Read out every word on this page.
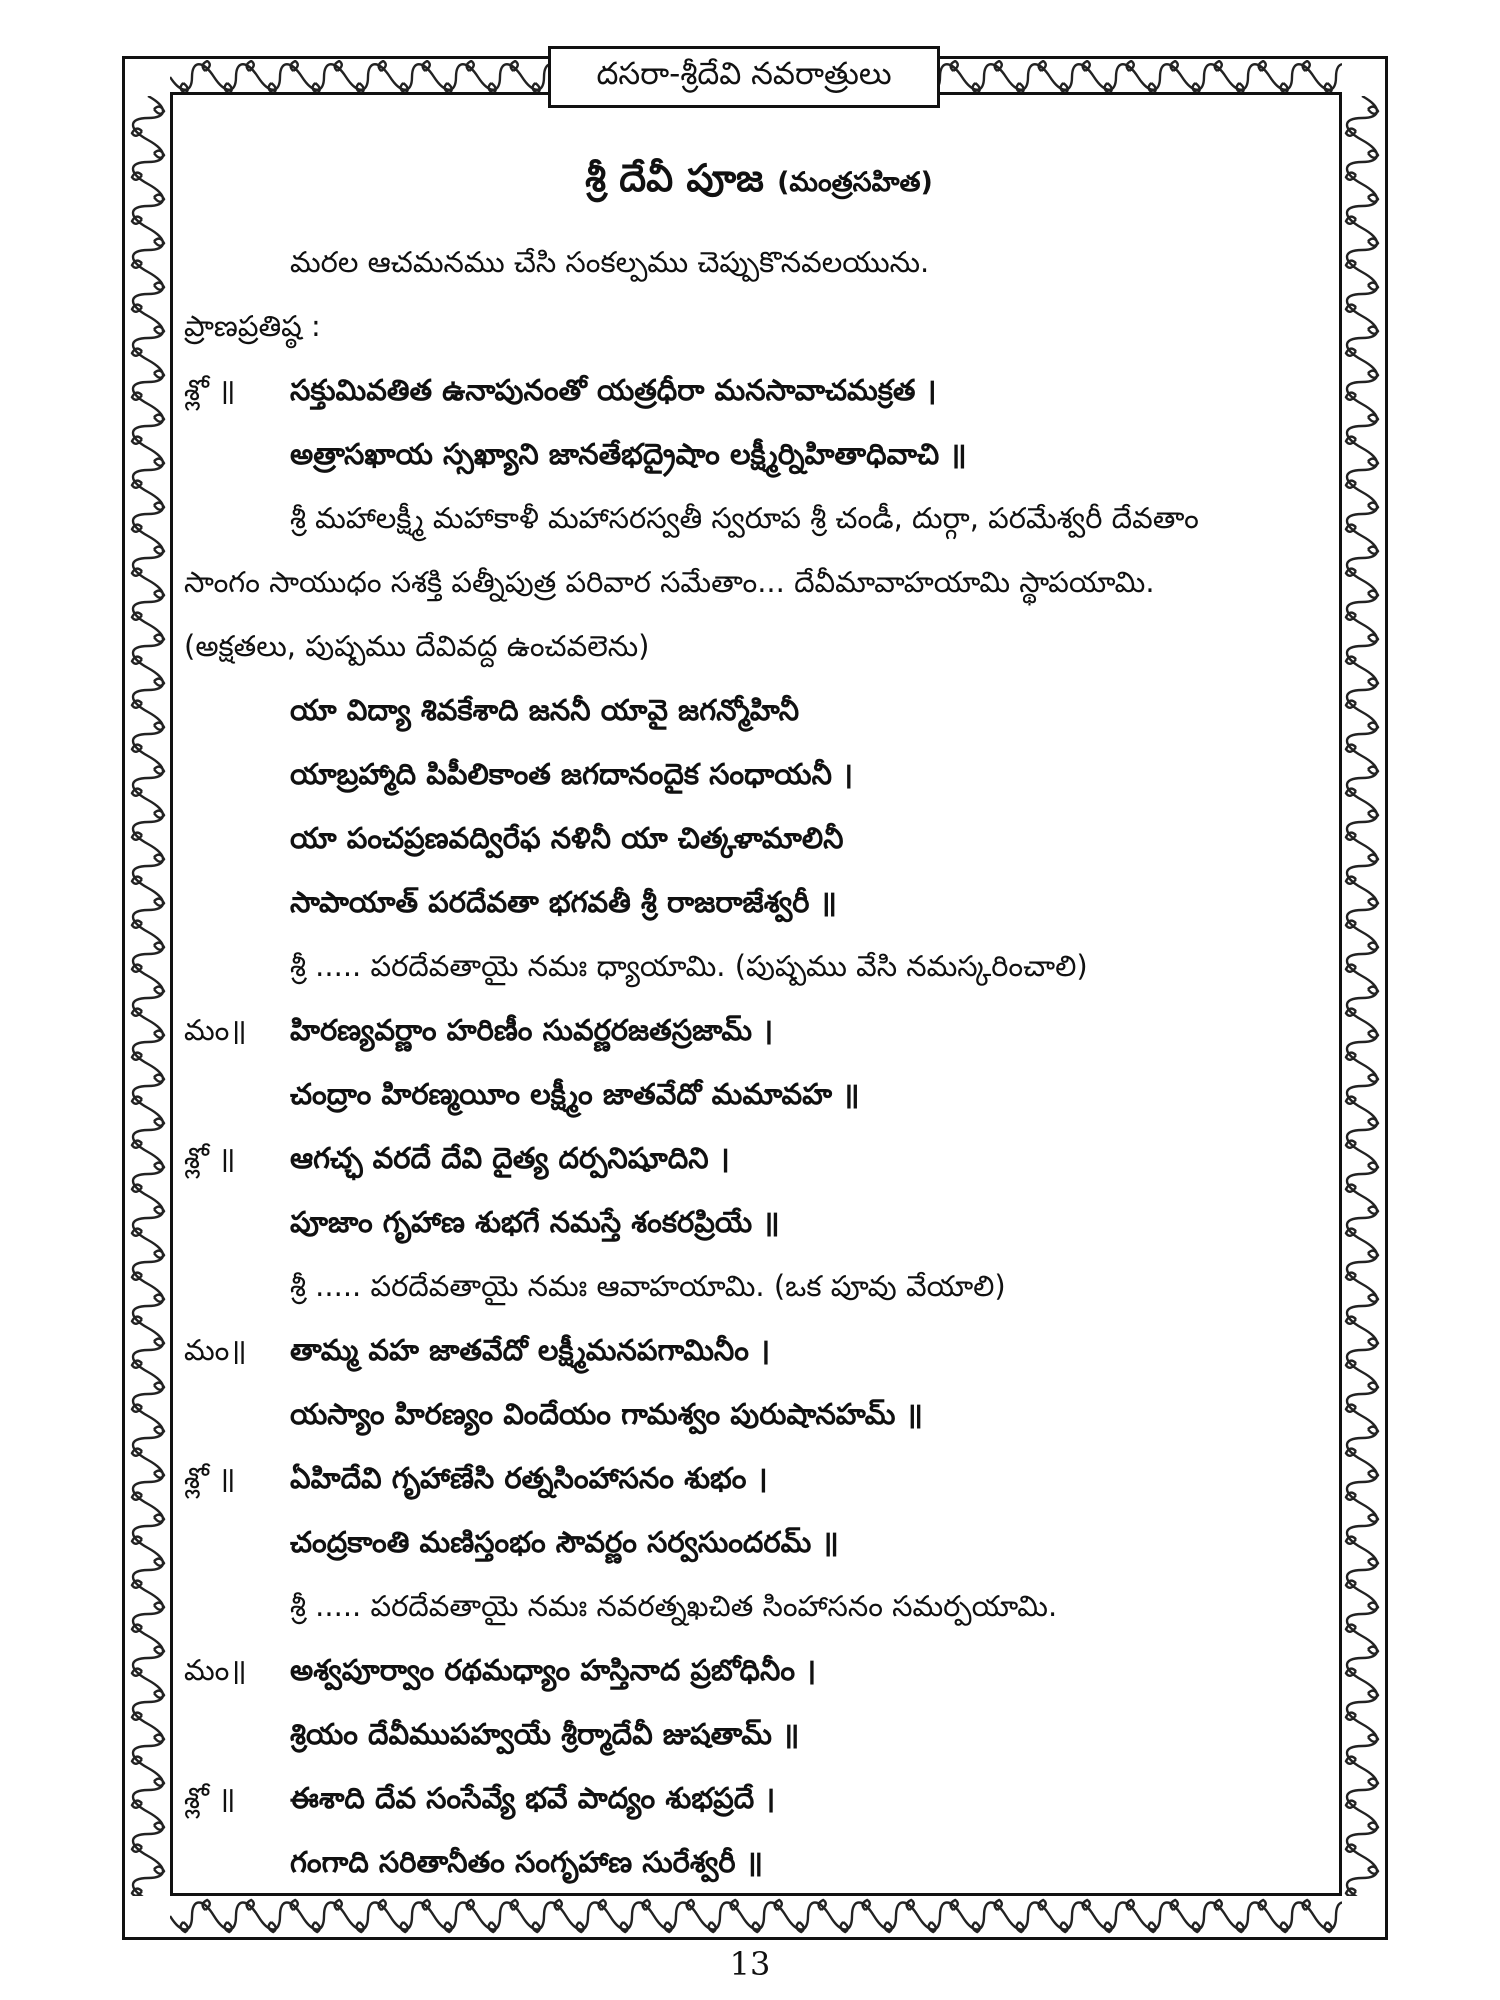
దసరా-శ్రీదేవి నవరాత్రులు
శ్రీ దేవీ పూజ (మంత్రసహిత)
మరల ఆచమనము చేసి సంకల్పము చెప్పుకొనవలయును.
ప్రాణప్రతిష్ఠ :
శ్లో ॥ సక్తుమివతిత ఉనాపునంతో యత్రధీరా మనసావాచమక్రత ।
అత్రాసఖాయ స్సఖ్యాని జానతేభద్రైషాం లక్ష్మీర్నిహితాధివాచి ॥
శ్రీ మహాలక్ష్మీ మహాకాళీ మహాసరస్వతీ స్వరూప శ్రీ చండీ, దుర్గా, పరమేశ్వరీ దేవతాం
సాంగం సాయుధం సశక్తి పత్నీపుత్ర పరివార సమేతాం... దేవీమావాహయామి స్థాపయామి.
(అక్షతలు, పుష్పము దేవివద్ద ఉంచవలెను)
యా విద్యా శివకేశాది జననీ యావై జగన్మోహినీ
యాబ్రహ్మాది పిపీలికాంత జగదానందైక సంధాయనీ ।
యా పంచప్రణవద్విరేఫ నళినీ యా చిత్కళామాలినీ
సాపాయాత్ పరదేవతా భగవతీ శ్రీ రాజరాజేశ్వరీ ॥
శ్రీ ..... పరదేవతాయై నమః ధ్యాయామి. (పుష్పము వేసి నమస్కరించాలి)
మం॥ హిరణ్యవర్ణాం హరిణీం సువర్ణరజతస్రజామ్ ।
చంద్రాం హిరణ్మయీం లక్ష్మీం జాతవేదో మమావహ ॥
శ్లో ॥ ఆగచ్ఛ వరదే దేవి దైత్య దర్పనిషూదిని ।
పూజాం గృహాణ శుభగే నమస్తే శంకరప్రియే ॥
శ్రీ ..... పరదేవతాయై నమః ఆవాహయామి. (ఒక పూవు వేయాలి)
మం॥ తామ్మ వహ జాతవేదో లక్ష్మీమనపగామినీం ।
యస్యాం హిరణ్యం విందేయం గామశ్వం పురుషానహమ్ ॥
శ్లో ॥ ఏహిదేవి గృహాణేసి రత్నసింహాసనం శుభం ।
చంద్రకాంతి మణిస్తంభం సౌవర్ణం సర్వసుందరమ్ ॥
శ్రీ ..... పరదేవతాయై నమః నవరత్నఖచిత సింహాసనం సమర్పయామి.
మం॥ అశ్వపూర్వాం రథమధ్యాం హస్తినాద ప్రబోధినీం ।
శ్రియం దేవీముపహ్వయే శ్రీర్మాదేవీ జుషతామ్ ॥
శ్లో ॥ ఈశాది దేవ సంసేవ్యే భవే పాద్యం శుభప్రదే ।
గంగాది సరితానీతం సంగృహాణ సురేశ్వరీ ॥
13
